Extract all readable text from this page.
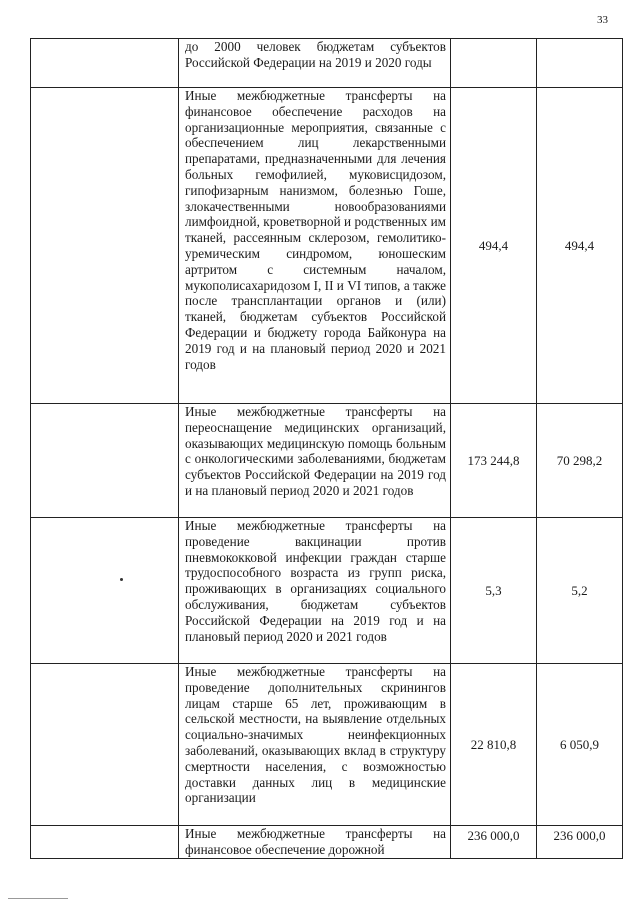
33
	до 2000 человек бюджетам субъектов Российской Федерации на 2019 и 2020 годы		
	Иные межбюджетные трансферты на финансовое обеспечение расходов на организационные мероприятия, связанные с обеспечением лиц лекарственными препаратами, предназначенными для лечения больных гемофилией, муковисцидозом, гипофизарным нанизмом, болезнью Гоше, злокачественными новообразованиями лимфоидной, кроветворной и родственных им тканей, рассеянным склерозом, гемолитико-уремическим синдромом, юношеским артритом с системным началом, мукополисахаридозом I, II и VI типов, а также после трансплантации органов и (или) тканей, бюджетам субъектов Российской Федерации и бюджету города Байконура на 2019 год и на плановый период 2020 и 2021 годов	494,4	494,4
	Иные межбюджетные трансферты на переоснащение медицинских организаций, оказывающих медицинскую помощь больным с онкологическими заболеваниями, бюджетам субъектов Российской Федерации на 2019 год и на плановый период 2020 и 2021 годов	173 244,8	70 298,2

	Иные межбюджетные трансферты на проведение вакцинации против пневмококковой инфекции граждан старше трудоспособного возраста из групп риска, проживающих в организациях социального обслуживания, бюджетам субъектов Российской Федерации на 2019 год и на плановый период 2020 и 2021 годов	5,3	5,2
	Иные межбюджетные трансферты на проведение дополнительных скринингов лицам старше 65 лет, проживающим в сельской местности, на выявление отдельных социально-значимых неинфекционных заболеваний, оказывающих вклад в структуру смертности населения, с возможностью доставки данных лиц в медицинские организации	22 810,8	6 050,9
	Иные межбюджетные трансферты на финансовое обеспечение дорожной	236 000,0	236 000,0
